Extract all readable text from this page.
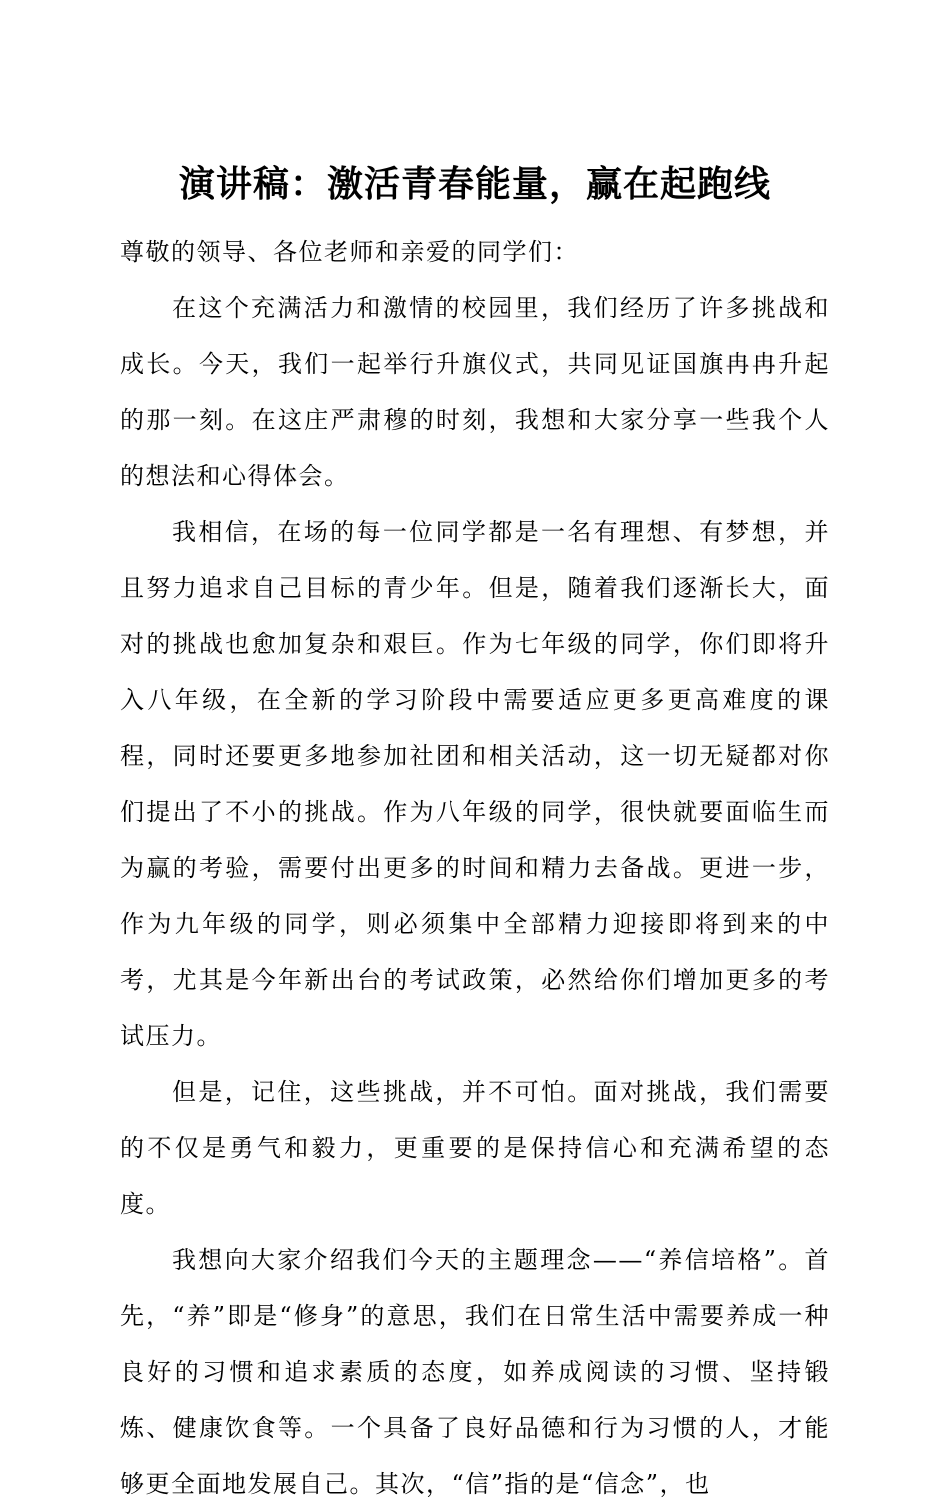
演讲稿：激活青春能量，赢在起跑线

尊敬的领导、各位老师和亲爱的同学们：

在这个充满活力和激情的校园里，我们经历了许多挑战和成长。今天，我们一起举行升旗仪式，共同见证国旗冉冉升起的那一刻。在这庄严肃穆的时刻，我想和大家分享一些我个人的想法和心得体会。

我相信，在场的每一位同学都是一名有理想、有梦想，并且努力追求自己目标的青少年。但是，随着我们逐渐长大，面对的挑战也愈加复杂和艰巨。作为七年级的同学，你们即将升入八年级，在全新的学习阶段中需要适应更多更高难度的课程，同时还要更多地参加社团和相关活动，这一切无疑都对你们提出了不小的挑战。作为八年级的同学，很快就要面临生而为赢的考验，需要付出更多的时间和精力去备战。更进一步，作为九年级的同学，则必须集中全部精力迎接即将到来的中考，尤其是今年新出台的考试政策，必然给你们增加更多的考试压力。

但是，记住，这些挑战，并不可怕。面对挑战，我们需要的不仅是勇气和毅力，更重要的是保持信心和充满希望的态度。

我想向大家介绍我们今天的主题理念——“养信培格”。首先，“养”即是“修身”的意思，我们在日常生活中需要养成一种良好的习惯和追求素质的态度，如养成阅读的习惯、坚持锻炼、健康饮食等。一个具备了良好品德和行为习惯的人，才能够更全面地发展自己。其次，“信”指的是“信念”，也
